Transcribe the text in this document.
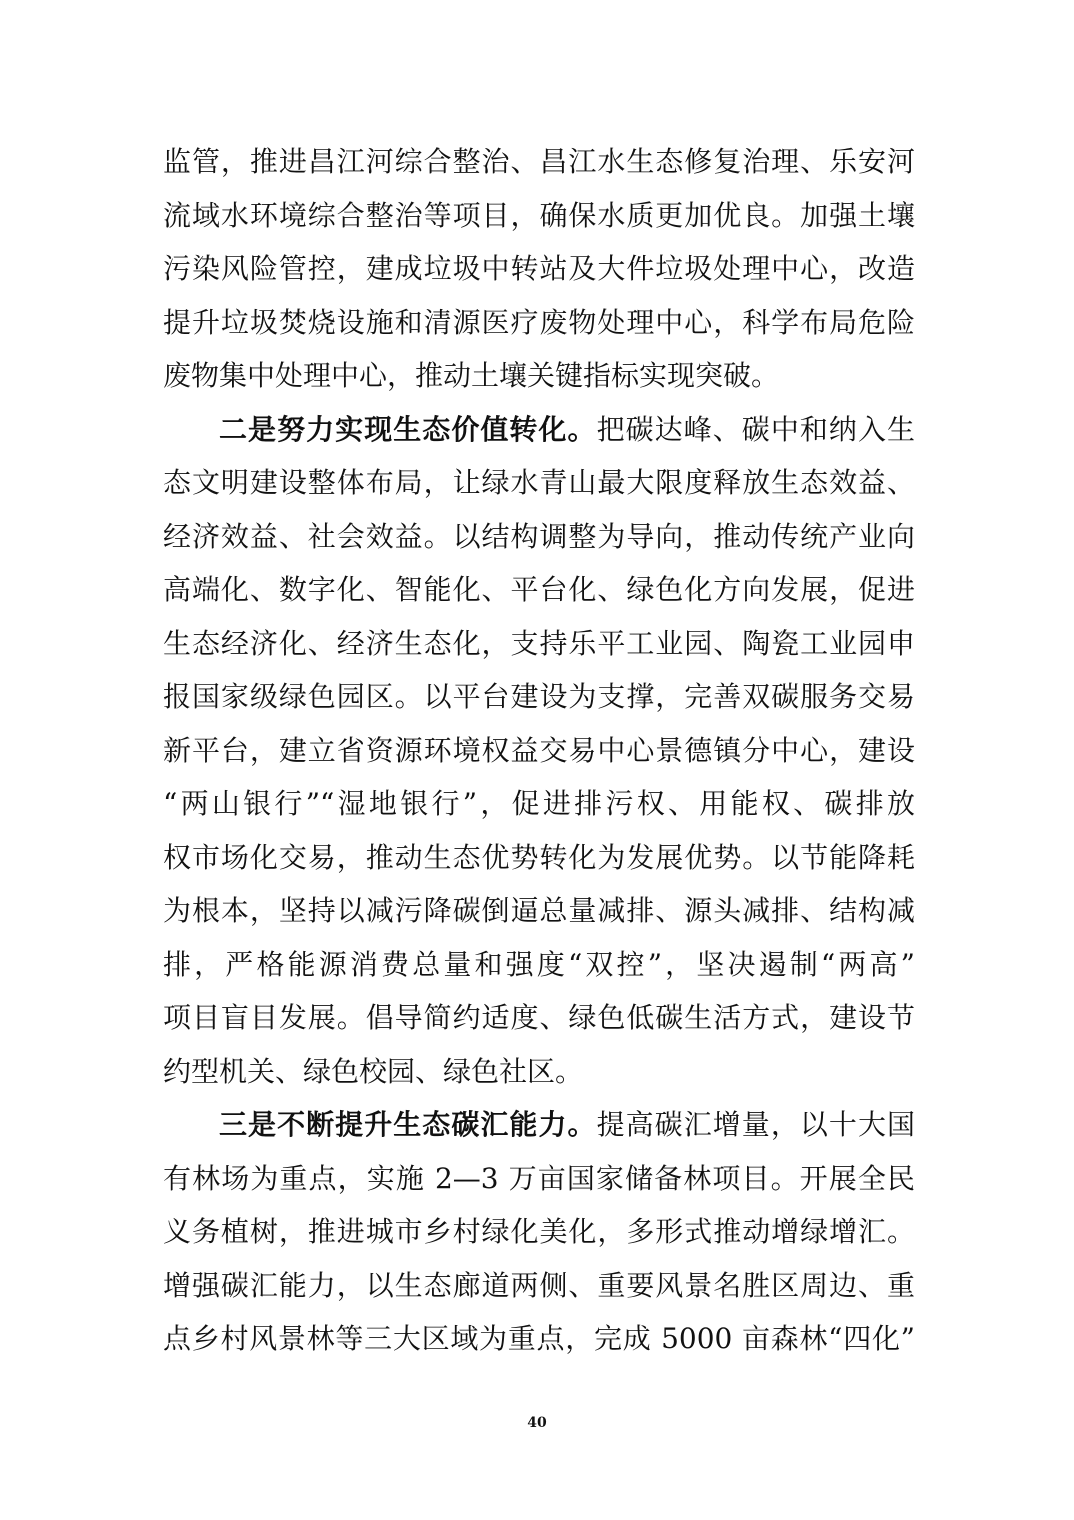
监管，推进昌江河综合整治、昌江水生态修复治理、乐安河
流域水环境综合整治等项目，确保水质更加优良。加强土壤
污染风险管控，建成垃圾中转站及大件垃圾处理中心，改造
提升垃圾焚烧设施和清源医疗废物处理中心，科学布局危险
废物集中处理中心，推动土壤关键指标实现突破。
二是努力实现生态价值转化。把碳达峰、碳中和纳入生
态文明建设整体布局，让绿水青山最大限度释放生态效益、
经济效益、社会效益。以结构调整为导向，推动传统产业向
高端化、数字化、智能化、平台化、绿色化方向发展，促进
生态经济化、经济生态化，支持乐平工业园、陶瓷工业园申
报国家级绿色园区。以平台建设为支撑，完善双碳服务交易
新平台，建立省资源环境权益交易中心景德镇分中心，建设
“两山银行”“湿地银行”，促进排污权、用能权、碳排放
权市场化交易，推动生态优势转化为发展优势。以节能降耗
为根本，坚持以减污降碳倒逼总量减排、源头减排、结构减
排，严格能源消费总量和强度“双控”，坚决遏制“两高”
项目盲目发展。倡导简约适度、绿色低碳生活方式，建设节
约型机关、绿色校园、绿色社区。
三是不断提升生态碳汇能力。提高碳汇增量，以十大国
有林场为重点，实施 2—3 万亩国家储备林项目。开展全民
义务植树，推进城市乡村绿化美化，多形式推动增绿增汇。
增强碳汇能力，以生态廊道两侧、重要风景名胜区周边、重
点乡村风景林等三大区域为重点，完成 5000 亩森林“四化”
40
